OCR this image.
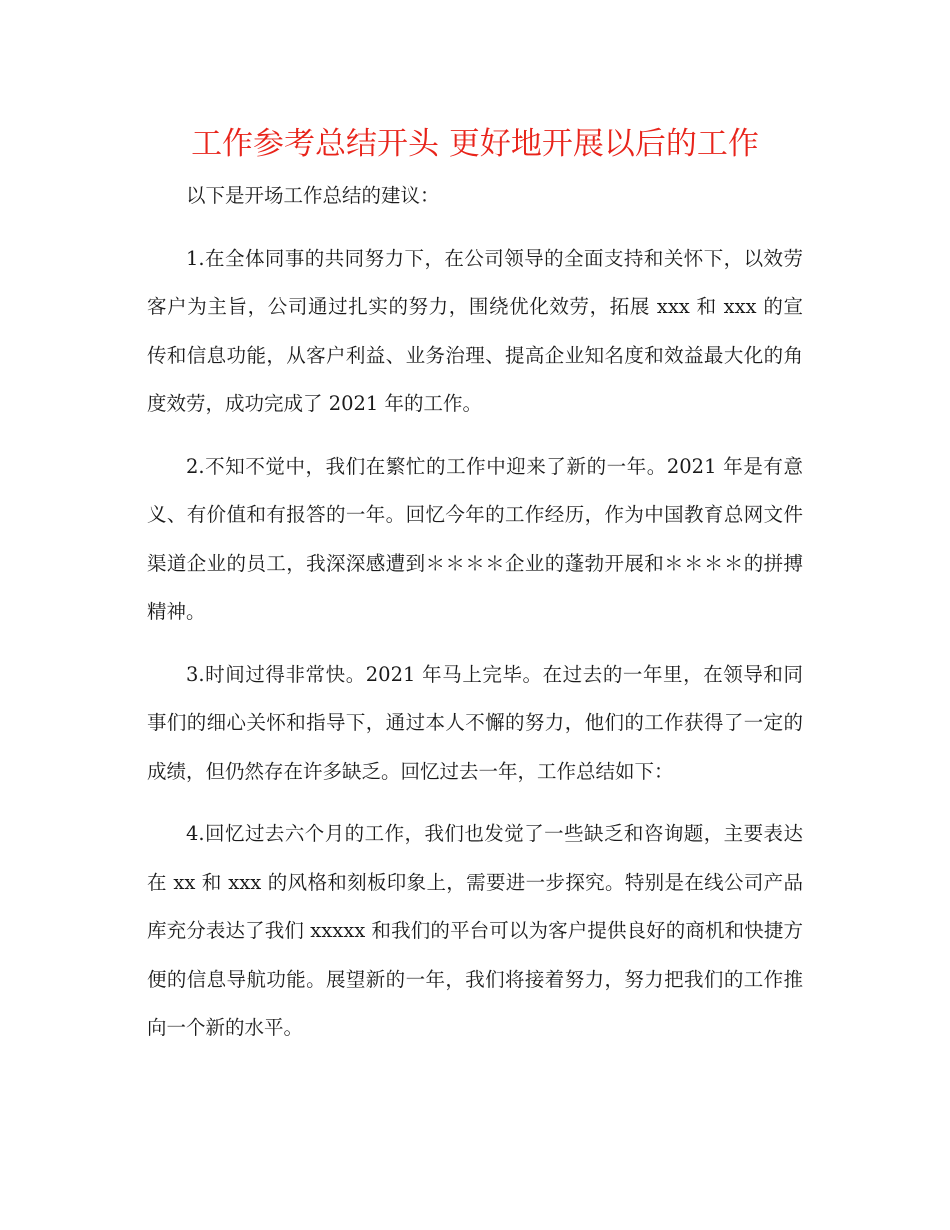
工作参考总结开头 更好地开展以后的工作

以下是开场工作总结的建议：

1.在全体同事的共同努力下，在公司领导的全面支持和关怀下，以效劳客户为主旨，公司通过扎实的努力，围绕优化效劳，拓展 xxx 和 xxx 的宣传和信息功能，从客户利益、业务治理、提高企业知名度和效益最大化的角度效劳，成功完成了 2021 年的工作。

2.不知不觉中，我们在繁忙的工作中迎来了新的一年。2021 年是有意义、有价值和有报答的一年。回忆今年的工作经历，作为中国教育总网文件渠道企业的员工，我深深感遭到＊＊＊＊企业的蓬勃开展和＊＊＊＊的拼搏精神。

3.时间过得非常快。2021 年马上完毕。在过去的一年里，在领导和同事们的细心关怀和指导下，通过本人不懈的努力，他们的工作获得了一定的成绩，但仍然存在许多缺乏。回忆过去一年，工作总结如下：

4.回忆过去六个月的工作，我们也发觉了一些缺乏和咨询题，主要表达在 xx 和 xxx 的风格和刻板印象上，需要进一步探究。特别是在线公司产品库充分表达了我们 xxxxx 和我们的平台可以为客户提供良好的商机和快捷方便的信息导航功能。展望新的一年，我们将接着努力，努力把我们的工作推向一个新的水平。
